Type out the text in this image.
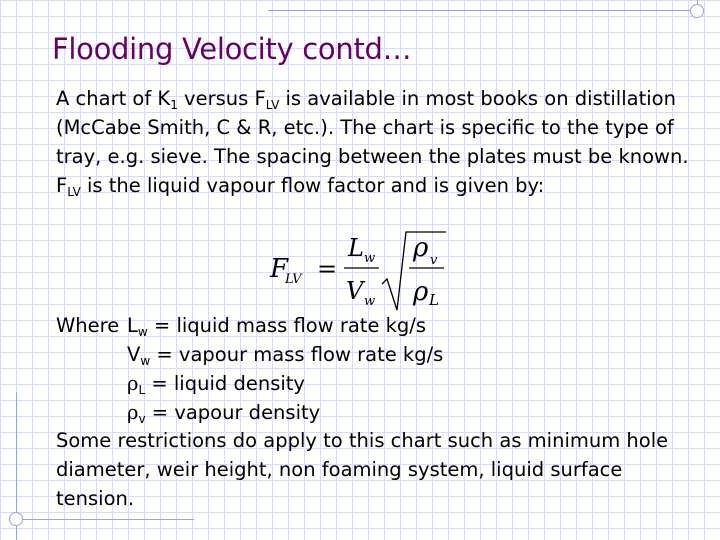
Flooding Velocity contd…
A chart of $K_1$ versus $F_{LV}$ is available in most books on distillation (McCabe Smith, C & R, etc.). The chart is specific to the type of tray, e.g. sieve. The spacing between the plates must be known. $F_{LV}$ is the liquid vapour flow factor and is given by:
F
LV =
L w
V w
ρ v
ρ L
Where $L_w$ = liquid mass flow rate kg/s
$V_w$ = vapour mass flow rate kg/s
$\rho_L$ = liquid density
$\rho_v$ = vapour density
Some restrictions do apply to this chart such as minimum hole diameter, weir height, non foaming system, liquid surface tension.
